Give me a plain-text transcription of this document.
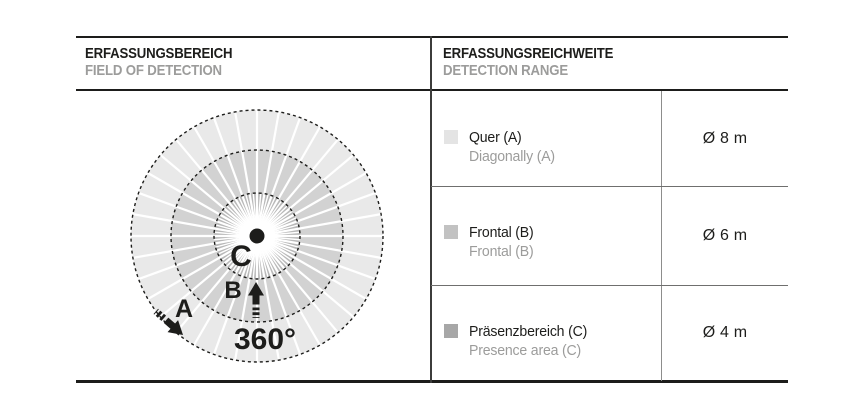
ERFASSUNGSBEREICH
FIELD OF DETECTION
ERFASSUNGSREICHWEITE
DETECTION RANGE
C
B
A
360°
Quer (A)
Diagonally (A)
Ø 8 m
Frontal (B)
Frontal (B)
Ø 6 m
Präsenzbereich (C)
Presence area (C)
Ø 4 m
